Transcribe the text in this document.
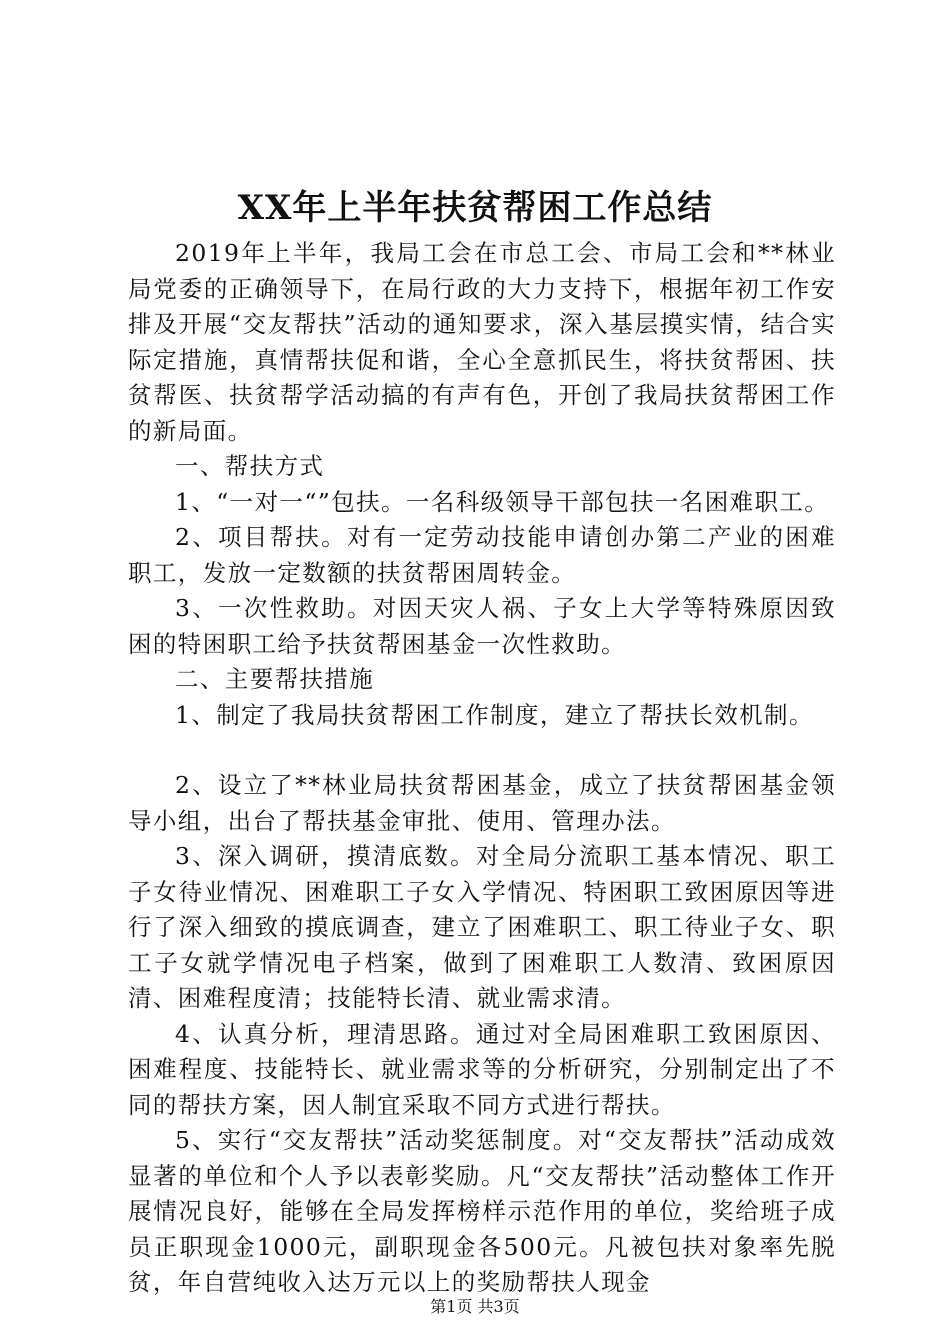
XX年上半年扶贫帮困工作总结

2019年上半年，我局工会在市总工会、市局工会和**林业局党委的正确领导下，在局行政的大力支持下，根据年初工作安排及开展“交友帮扶”活动的通知要求，深入基层摸实情，结合实际定措施，真情帮扶促和谐，全心全意抓民生，将扶贫帮困、扶贫帮医、扶贫帮学活动搞的有声有色，开创了我局扶贫帮困工作的新局面。

一、帮扶方式

1、“一对一“”包扶。一名科级领导干部包扶一名困难职工。

2、项目帮扶。对有一定劳动技能申请创办第二产业的困难职工，发放一定数额的扶贫帮困周转金。

3、一次性救助。对因天灾人祸、子女上大学等特殊原因致困的特困职工给予扶贫帮困基金一次性救助。

二、主要帮扶措施

1、制定了我局扶贫帮困工作制度，建立了帮扶长效机制。

2、设立了**林业局扶贫帮困基金，成立了扶贫帮困基金领导小组，出台了帮扶基金审批、使用、管理办法。

3、深入调研，摸清底数。对全局分流职工基本情况、职工子女待业情况、困难职工子女入学情况、特困职工致困原因等进行了深入细致的摸底调查，建立了困难职工、职工待业子女、职工子女就学情况电子档案，做到了困难职工人数清、致困原因清、困难程度清；技能特长清、就业需求清。

4、认真分析，理清思路。通过对全局困难职工致困原因、困难程度、技能特长、就业需求等的分析研究，分别制定出了不同的帮扶方案，因人制宜采取不同方式进行帮扶。

5、实行“交友帮扶”活动奖惩制度。对“交友帮扶”活动成效显著的单位和个人予以表彰奖励。凡“交友帮扶”活动整体工作开展情况良好，能够在全局发挥榜样示范作用的单位，奖给班子成员正职现金1000元，副职现金各500元。凡被包扶对象率先脱贫，年自营纯收入达万元以上的奖励帮扶人现金

第1页 共3页
